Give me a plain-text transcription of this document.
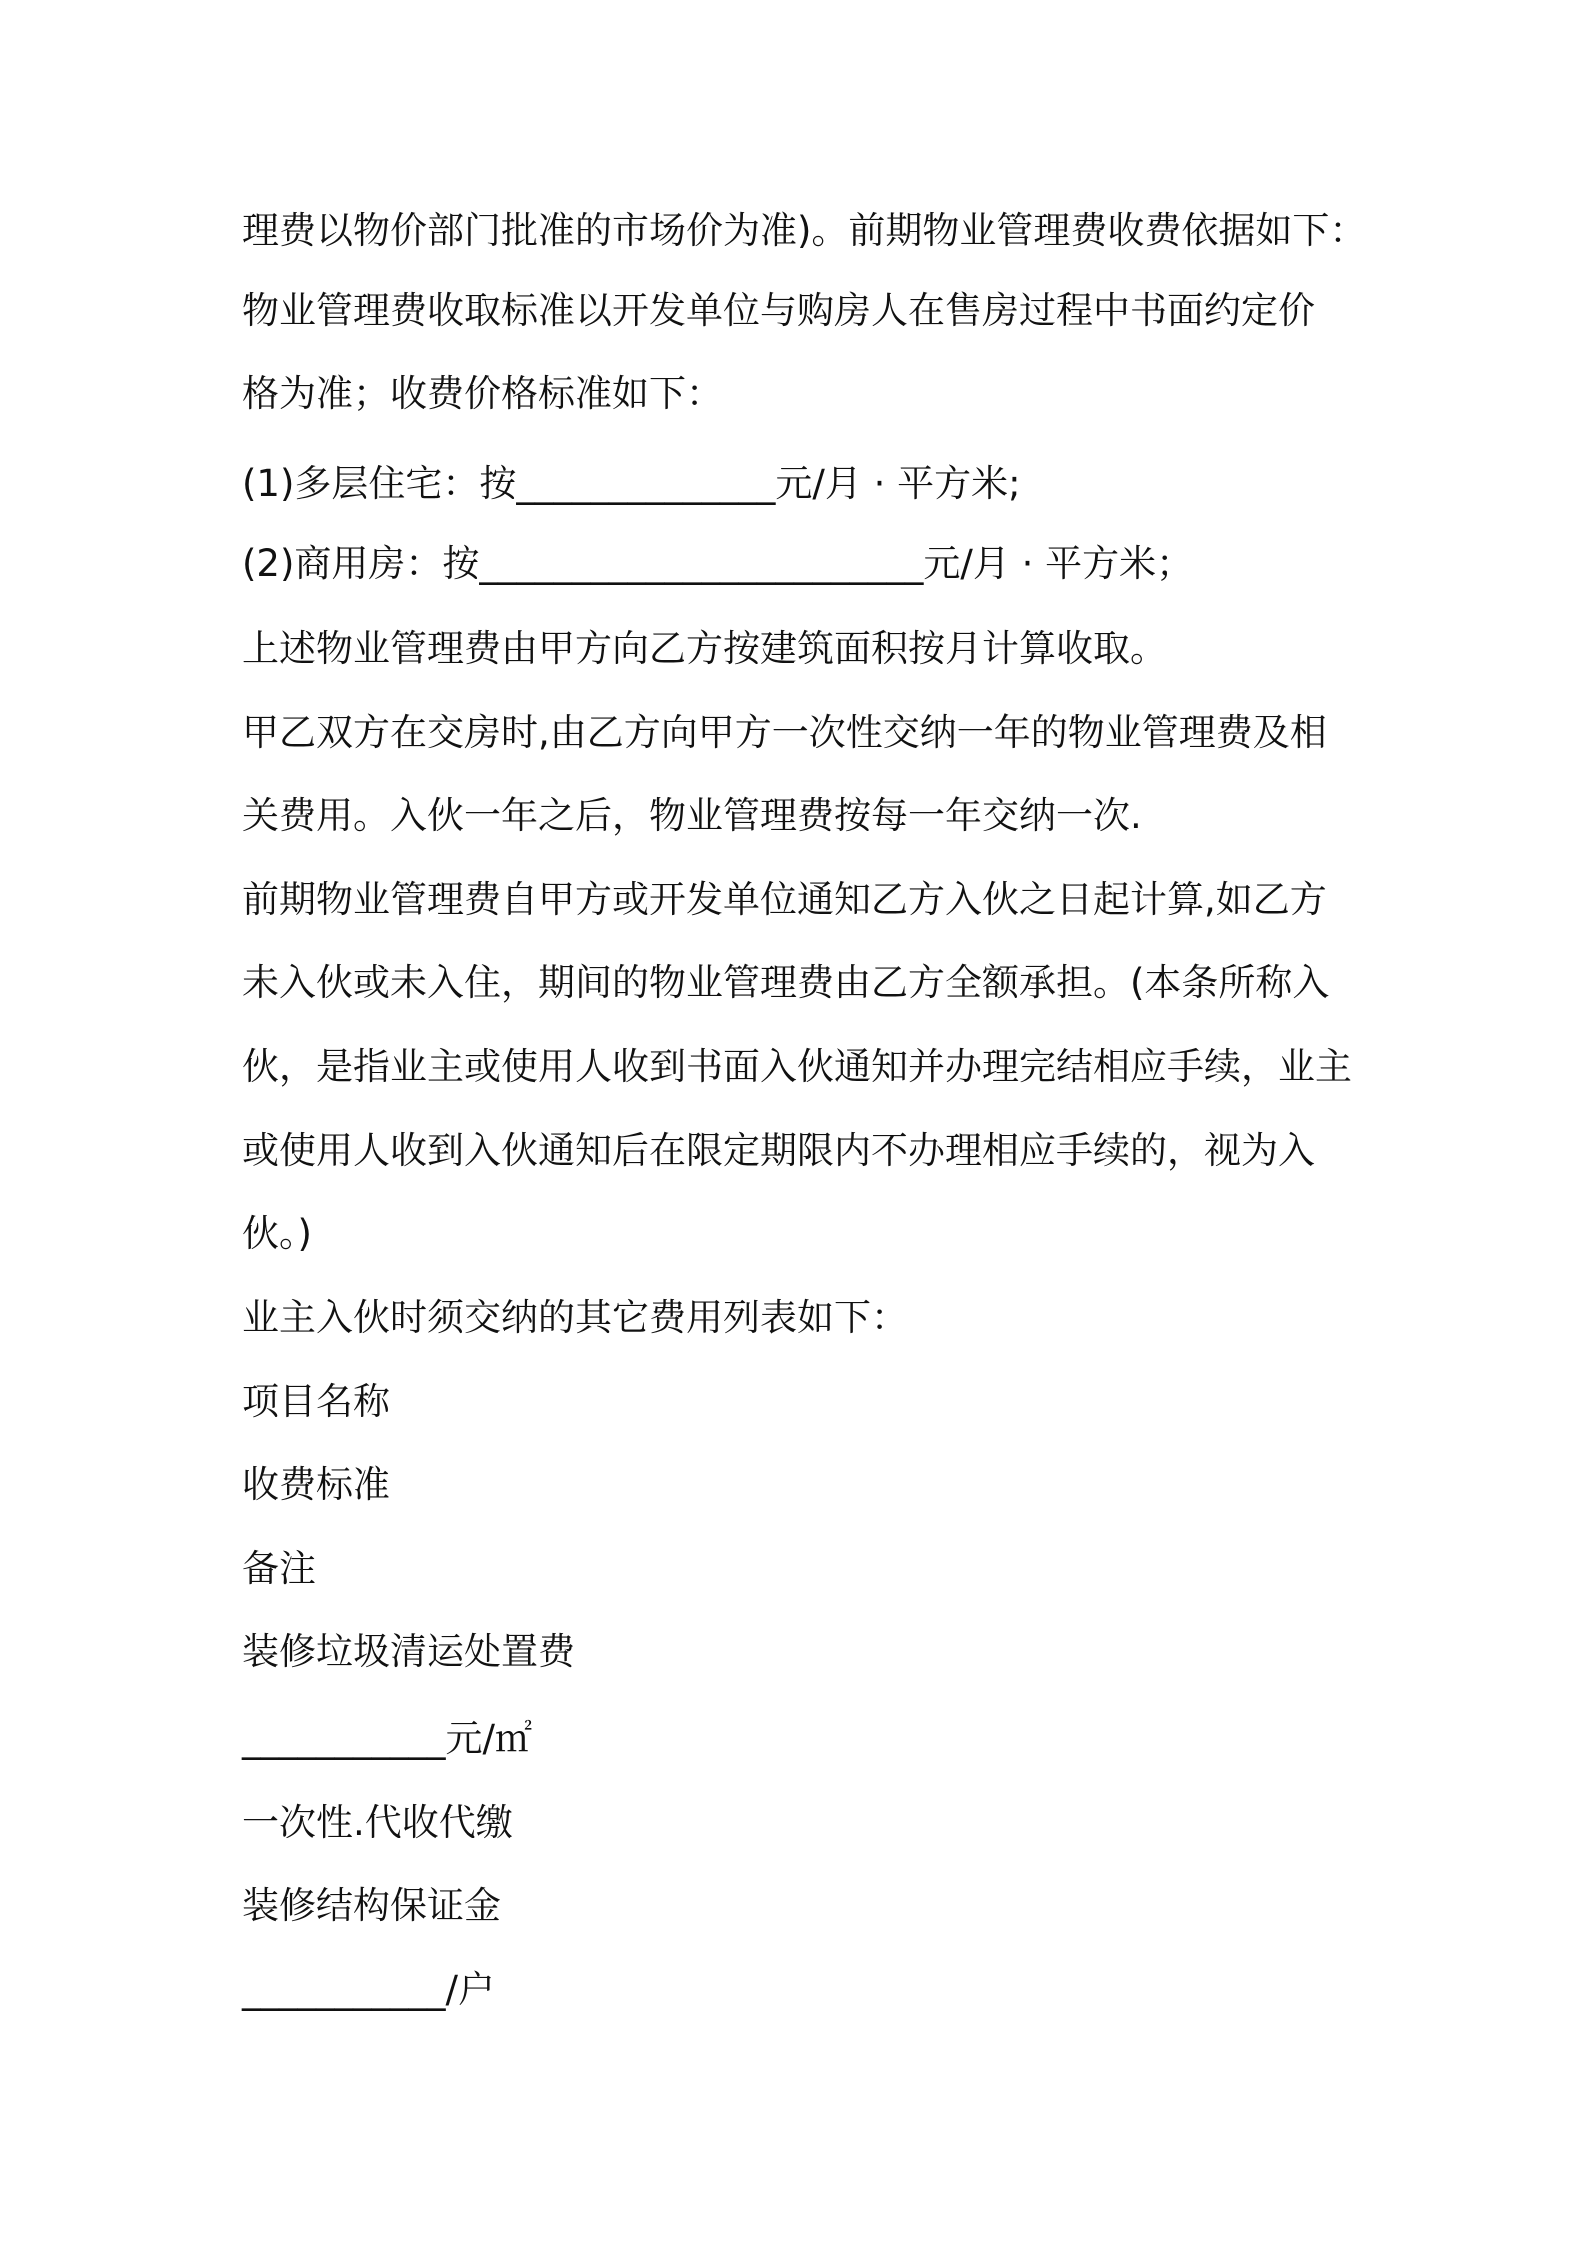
理费以物价部门批准的市场价为准)。前期物业管理费收费依据如下：

物业管理费收取标准以开发单位与购房人在售房过程中书面约定价

格为准；收费价格标准如下：

(1)多层住宅：按______________元/月 · 平方米;

(2)商用房：按________________________元/月 · 平方米；

上述物业管理费由甲方向乙方按建筑面积按月计算收取。

甲乙双方在交房时,由乙方向甲方一次性交纳一年的物业管理费及相

关费用。入伙一年之后，物业管理费按每一年交纳一次.

前期物业管理费自甲方或开发单位通知乙方入伙之日起计算,如乙方

未入伙或未入住，期间的物业管理费由乙方全额承担。(本条所称入

伙，是指业主或使用人收到书面入伙通知并办理完结相应手续，业主

或使用人收到入伙通知后在限定期限内不办理相应手续的，视为入

伙。)

业主入伙时须交纳的其它费用列表如下：

项目名称

收费标准

备注

装修垃圾清运处置费

___________元/㎡

一次性.代收代缴

装修结构保证金

___________/户
